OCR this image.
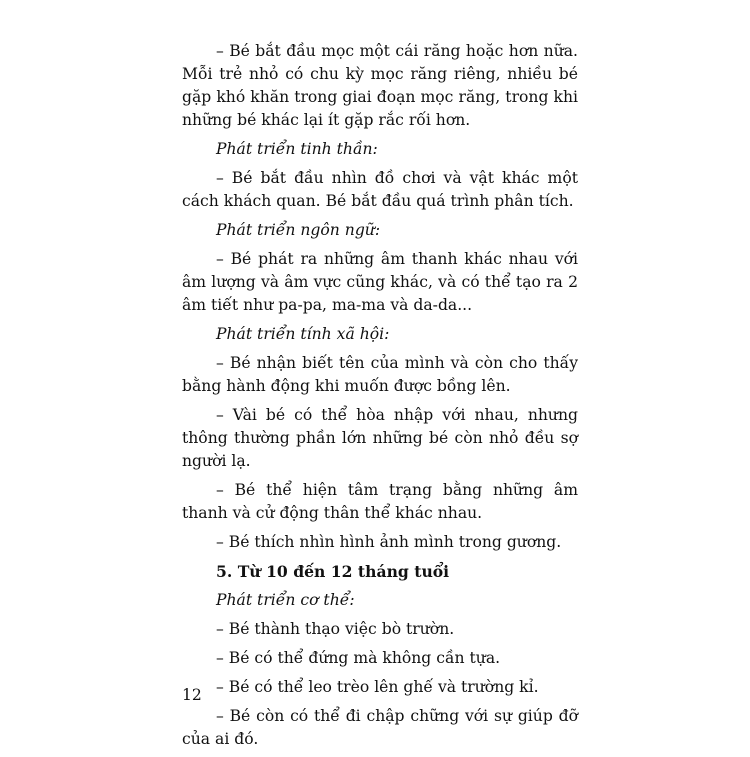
– Bé bắt đầu mọc một cái răng hoặc hơn nữa. Mỗi trẻ nhỏ có chu kỳ mọc răng riêng, nhiều bé gặp khó khăn trong giai đoạn mọc răng, trong khi những bé khác lại ít gặp rắc rối hơn.

Phát triển tinh thần:

– Bé bắt đầu nhìn đồ chơi và vật khác một cách khách quan. Bé bắt đầu quá trình phân tích.

Phát triển ngôn ngữ:

– Bé phát ra những âm thanh khác nhau với âm lượng và âm vực cũng khác, và có thể tạo ra 2 âm tiết như pa-pa, ma-ma và da-da...

Phát triển tính xã hội:

– Bé nhận biết tên của mình và còn cho thấy bằng hành động khi muốn được bồng lên.

– Vài bé có thể hòa nhập với nhau, nhưng thông thường phần lớn những bé còn nhỏ đều sợ người lạ.

– Bé thể hiện tâm trạng bằng những âm thanh và cử động thân thể khác nhau.

– Bé thích nhìn hình ảnh mình trong gương.

5. Từ 10 đến 12 tháng tuổi

Phát triển cơ thể:

– Bé thành thạo việc bò trườn.

– Bé có thể đứng mà không cần tựa.

– Bé có thể leo trèo lên ghế và trường kỉ.

– Bé còn có thể đi chập chững với sự giúp đỡ của ai đó.

12
